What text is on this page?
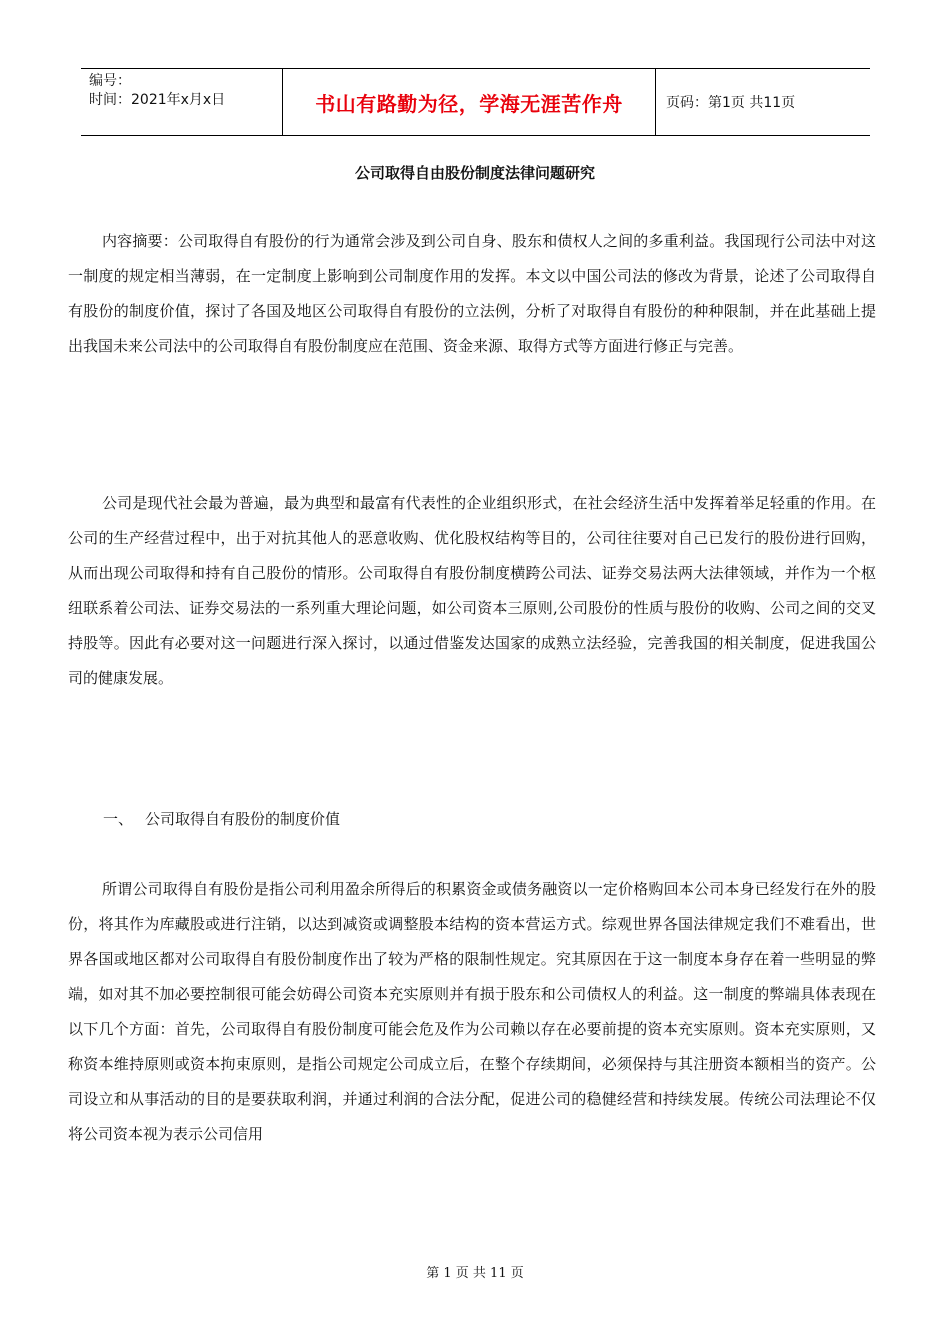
编号：
时间：2021年x月x日	书山有路勤为径，学海无涯苦作舟	页码：第1页 共11页
公司取得自由股份制度法律问题研究

内容摘要：公司取得自有股份的行为通常会涉及到公司自身、股东和债权人之间的多重利益。我国现行公司法中对这一制度的规定相当薄弱，在一定制度上影响到公司制度作用的发挥。本文以中国公司法的修改为背景，论述了公司取得自有股份的制度价值，探讨了各国及地区公司取得自有股份的立法例，分析了对取得自有股份的种种限制，并在此基础上提出我国未来公司法中的公司取得自有股份制度应在范围、资金来源、取得方式等方面进行修正与完善。

公司是现代社会最为普遍，最为典型和最富有代表性的企业组织形式，在社会经济生活中发挥着举足轻重的作用。在公司的生产经营过程中，出于对抗其他人的恶意收购、优化股权结构等目的，公司往往要对自己已发行的股份进行回购，从而出现公司取得和持有自己股份的情形。公司取得自有股份制度横跨公司法、证券交易法两大法律领域，并作为一个枢纽联系着公司法、证券交易法的一系列重大理论问题，如公司资本三原则,公司股份的性质与股份的收购、公司之间的交叉持股等。因此有必要对这一问题进行深入探讨，以通过借鉴发达国家的成熟立法经验，完善我国的相关制度，促进我国公司的健康发展。

一、 公司取得自有股份的制度价值

所谓公司取得自有股份是指公司利用盈余所得后的积累资金或债务融资以一定价格购回本公司本身已经发行在外的股份，将其作为库藏股或进行注销，以达到减资或调整股本结构的资本营运方式。综观世界各国法律规定我们不难看出，世界各国或地区都对公司取得自有股份制度作出了较为严格的限制性规定。究其原因在于这一制度本身存在着一些明显的弊端，如对其不加必要控制很可能会妨碍公司资本充实原则并有损于股东和公司债权人的利益。这一制度的弊端具体表现在以下几个方面：首先，公司取得自有股份制度可能会危及作为公司赖以存在必要前提的资本充实原则。资本充实原则，又称资本维持原则或资本拘束原则，是指公司规定公司成立后，在整个存续期间，必须保持与其注册资本额相当的资产。公司设立和从事活动的目的是要获取利润，并通过利润的合法分配，促进公司的稳健经营和持续发展。传统公司法理论不仅将公司资本视为表示公司信用

第 1 页 共 11 页
